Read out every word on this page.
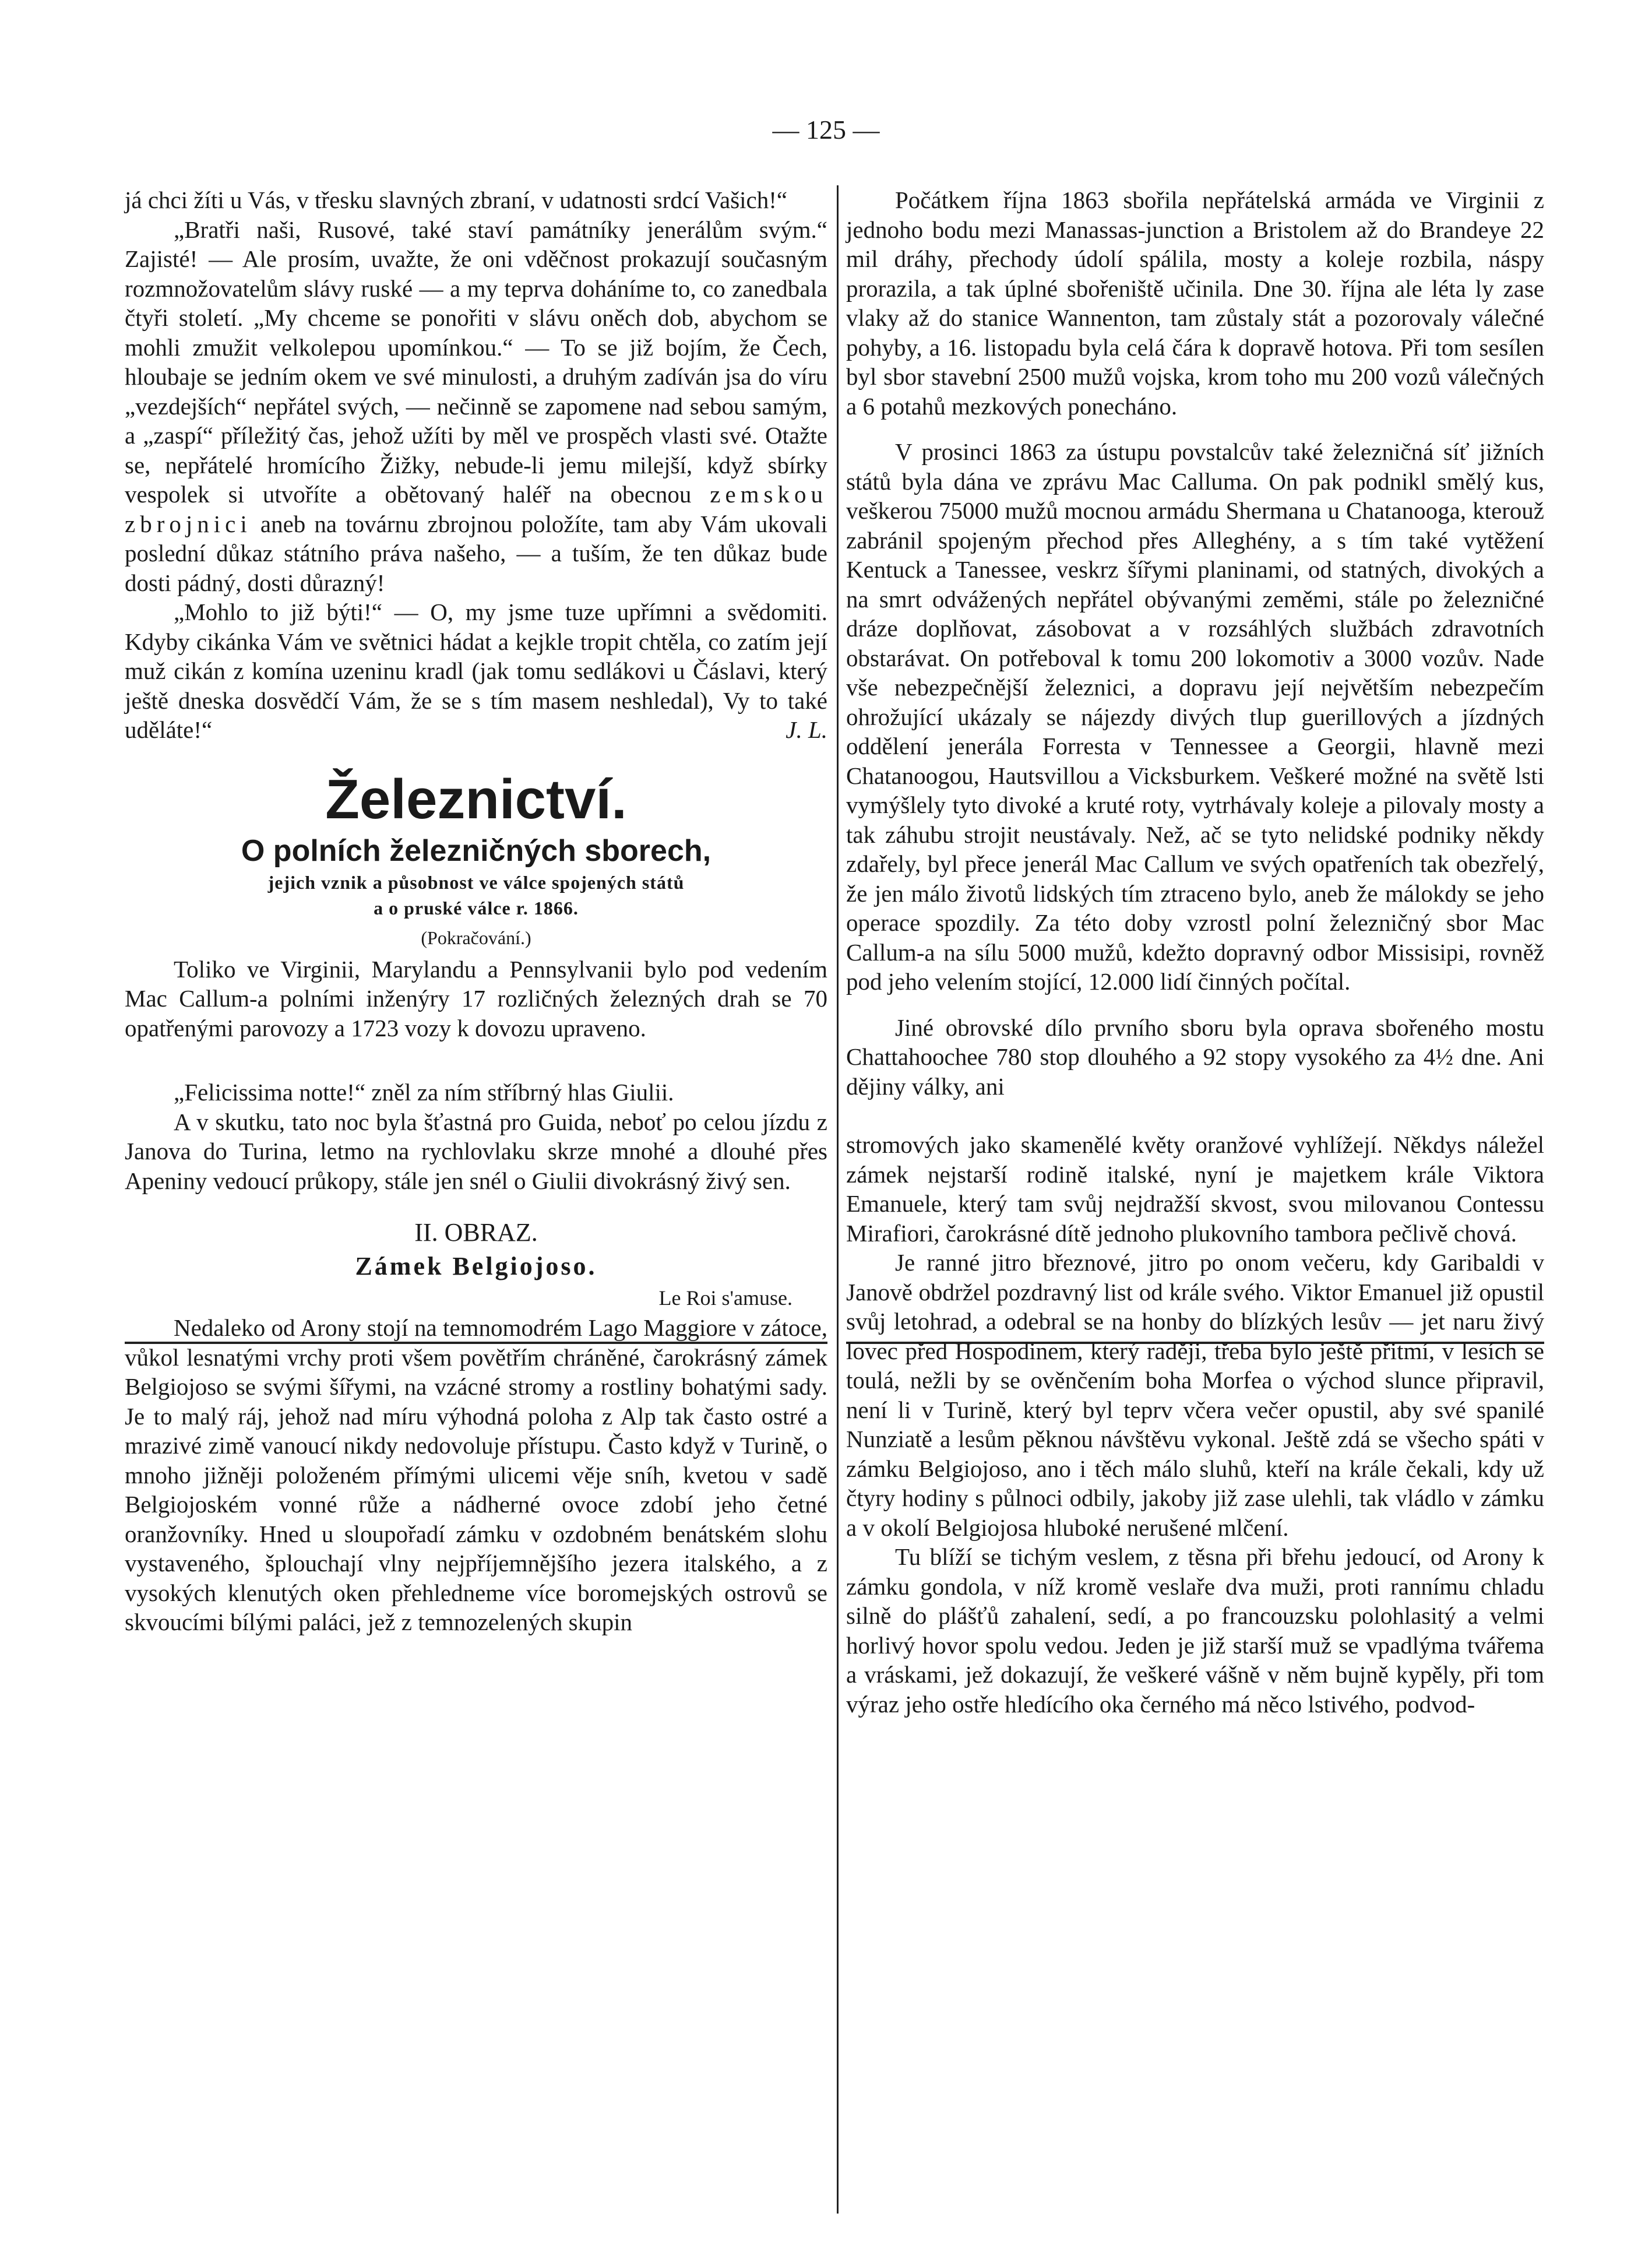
— 125 —

já chci žíti u Vás, v třesku slavných zbraní, v udatnosti srdcí Vašich!“

„Bratři naši, Rusové, také staví památníky jenerálům svým.“ Zajisté! — Ale prosím, uvažte, že oni vděčnost prokazují současným rozmnožovatelům slávy ruské — a my teprva doháníme to, co zanedbala čtyři století. „My chceme se ponořiti v slávu oněch dob, abychom se mohli zmužit velkolepou upomínkou.“ — To se již bojím, že Čech, hloubaje se jedním okem ve své minulosti, a druhým zadíván jsa do víru „vezdejších“ nepřátel svých, — nečinně se zapomene nad sebou samým, a „zaspí“ příležitý čas, jehož užíti by měl ve prospěch vlasti své. Otažte se, nepřátelé hromícího Žižky, nebude-li jemu milejší, když sbírky vespolek si utvoříte a obětovaný haléř na obecnou zemskou zbrojnici aneb na továrnu zbrojnou položíte, tam aby Vám ukovali poslední důkaz státního práva našeho, — a tuším, že ten důkaz bude dosti pádný, dosti důrazný!

„Mohlo to již býti!“ — O, my jsme tuze upřímni a svědomiti. Kdyby cikánka Vám ve světnici hádat a kejkle tropit chtěla, co zatím její muž cikán z komína uzeninu kradl (jak tomu sedlákovi u Čáslavi, který ještě dneska dosvědčí Vám, že se s tím masem neshledal), Vy to také uděláte!“	J. L.
Železnictví.
O polních železničných sborech,
jejich vznik a působnost ve válce spojených států
a o pruské válce r. 1866.
(Pokračování.)

Toliko ve Virginii, Marylandu a Pennsylvanii bylo pod vedením Mac Callum-a polními inženýry 17 rozličných železných drah se 70 opatřenými parovozy a 1723 vozy k dovozu upraveno.

„Felicissima notte!“ zněl za ním stříbrný hlas Giulii.

A v skutku, tato noc byla šťastná pro Guida, neboť po celou jízdu z Janova do Turina, letmo na rychlovlaku skrze mnohé a dlouhé přes Apeniny vedoucí průkopy, stále jen snél o Giulii divokrásný živý sen.

II. OBRAZ.
Zámek Belgiojoso.
Le Roi s'amuse.

Nedaleko od Arony stojí na temnomodrém Lago Maggiore v zátoce, vůkol lesnatými vrchy proti všem povětřím chráněné, čarokrásný zámek Belgiojoso se svými šířymi, na vzácné stromy a rostliny bohatými sady. Je to malý ráj, jehož nad míru výhodná poloha z Alp tak často ostré a mrazivé zimě vanoucí nikdy nedovoluje přístupu. Často když v Turině, o mnoho jižněji položeném přímými ulicemi věje sníh, kvetou v sadě Belgiojoském vonné růže a nádherné ovoce zdobí jeho četné oranžovníky. Hned u sloupořadí zámku v ozdobném benátském slohu vystaveného, šplouchají vlny nejpříjemnějšího jezera italského, a z vysokých klenutých oken přehledneme více boromejských ostrovů se skvoucími bílými paláci, jež z temnozelených skupin

Počátkem října 1863 sbořila nepřátelská armáda ve Virginii z jednoho bodu mezi Manassas-junction a Bristolem až do Brandeye 22 mil dráhy, přechody údolí spálila, mosty a koleje rozbila, náspy prorazila, a tak úplné sbořeniště učinila. Dne 30. října ale léta ly zase vlaky až do stanice Wannenton, tam zůstaly stát a pozorovaly válečné pohyby, a 16. listopadu byla celá čára k dopravě hotova. Při tom sesílen byl sbor stavební 2500 mužů vojska, krom toho mu 200 vozů válečných a 6 potahů mezkových ponecháno.

V prosinci 1863 za ústupu povstalcův také železničná síť jižních států byla dána ve zprávu Mac Calluma. On pak podnikl smělý kus, veškerou 75000 mužů mocnou armádu Shermana u Chatanooga, kterouž zabránil spojeným přechod přes Alleghény, a s tím také vytěžení Kentuck a Tanessee, veskrz šířymi planinami, od statných, divokých a na smrt odvážených nepřátel obývanými zeměmi, stále po železničné dráze doplňovat, zásobovat a v rozsáhlých službách zdravotních obstarávat. On potřeboval k tomu 200 lokomotiv a 3000 vozův. Nade vše nebezpečnější železnici, a dopravu její největším nebezpečím ohrožující ukázaly se nájezdy divých tlup guerillových a jízdných oddělení jenerála Forresta v Tennessee a Georgii, hlavně mezi Chatanoogou, Hautsvillou a Vicksburkem. Veškeré možné na světě lsti vymýšlely tyto divoké a kruté roty, vytrhávaly koleje a pilovaly mosty a tak záhubu strojit neustávaly. Než, ač se tyto nelidské podniky někdy zdařely, byl přece jenerál Mac Callum ve svých opatřeních tak obezřelý, že jen málo životů lidských tím ztraceno bylo, aneb že málokdy se jeho operace spozdily. Za této doby vzrostl polní železničný sbor Mac Callum-a na sílu 5000 mužů, kdežto dopravný odbor Missisipi, rovněž pod jeho velením stojící, 12.000 lidí činných počítal.

Jiné obrovské dílo prvního sboru byla oprava sbořeného mostu Chattahoochee 780 stop dlouhého a 92 stopy vysokého za 4½ dne. Ani dějiny války, ani

stromových jako skamenělé květy oranžové vyhlížejí. Někdys náležel zámek nejstarší rodině italské, nyní je majetkem krále Viktora Emanuele, který tam svůj nejdražší skvost, svou milovanou Contessu Mirafiori, čarokrásné dítě jednoho plukovního tambora pečlivě chová.

Je ranné jitro březnové, jitro po onom večeru, kdy Garibaldi v Janově obdržel pozdravný list od krále svého. Viktor Emanuel již opustil svůj letohrad, a odebral se na honby do blízkých lesův — jet naru živý lovec před Hospodinem, který raději, třeba bylo ještě přitmí, v lesích se toulá, nežli by se ověnčením boha Morfea o východ slunce připravil, není li v Turině, který byl teprv včera večer opustil, aby své spanilé Nunziatě a lesům pěknou návštěvu vykonal. Ještě zdá se všecho spáti v zámku Belgiojoso, ano i těch málo sluhů, kteří na krále čekali, kdy už čtyry hodiny s půlnoci odbily, jakoby již zase ulehli, tak vládlo v zámku a v okolí Belgiojosa hluboké nerušené mlčení.

Tu blíží se tichým veslem, z těsna při břehu jedoucí, od Arony k zámku gondola, v níž kromě veslaře dva muži, proti rannímu chladu silně do plášťů zahalení, sedí, a po francouzsku polohlasitý a velmi horlivý hovor spolu vedou. Jeden je již starší muž se vpadlýma tvářema a vráskami, jež dokazují, že veškeré vášně v něm bujně kypěly, při tom výraz jeho ostře hledícího oka černého má něco lstivého, podvod-
